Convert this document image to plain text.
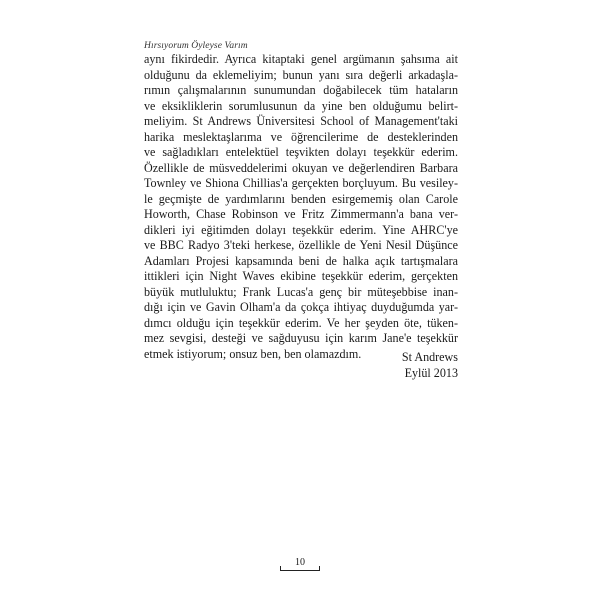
Hırsıyorum Öyleyse Varım
aynı fikirdedir. Ayrıca kitaptaki genel argümanın şahsıma ait
olduğunu da eklemeliyim; bunun yanı sıra değerli arkadaşla-
rımın çalışmalarının sunumundan doğabilecek tüm hataların
ve eksikliklerin sorumlusunun da yine ben olduğumu belirt-
meliyim. St Andrews Üniversitesi School of Management'taki
harika meslektaşlarıma ve öğrencilerime de desteklerinden
ve sağladıkları entelektüel teşvikten dolayı teşekkür ederim.
Özellikle de müsveddelerimi okuyan ve değerlendiren Barbara
Townley ve Shiona Chillias'a gerçekten borçluyum. Bu vesiley-
le geçmişte de yardımlarını benden esirgememiş olan Carole
Howorth, Chase Robinson ve Fritz Zimmermann'a bana ver-
dikleri iyi eğitimden dolayı teşekkür ederim. Yine AHRC'ye
ve BBC Radyo 3'teki herkese, özellikle de Yeni Nesil Düşünce
Adamları Projesi kapsamında beni de halka açık tartışmalara
ittikleri için Night Waves ekibine teşekkür ederim, gerçekten
büyük mutluluktu; Frank Lucas'a genç bir müteşebbise inan-
dığı için ve Gavin Olham'a da çokça ihtiyaç duyduğumda yar-
dımcı olduğu için teşekkür ederim. Ve her şeyden öte, tüken-
mez sevgisi, desteği ve sağduyusu için karım Jane'e teşekkür
etmek istiyorum; onsuz ben, ben olamazdım.	St Andrews
Eylül 2013
10
